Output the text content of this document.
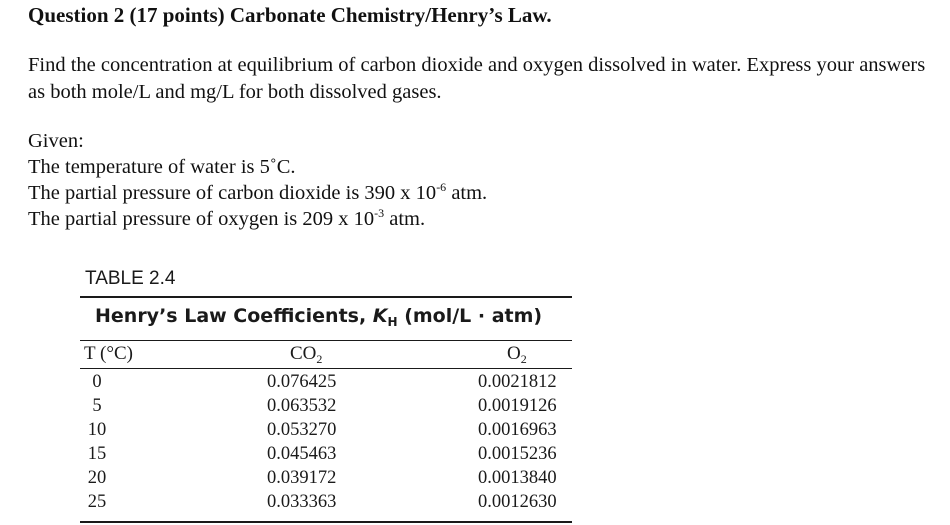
Question 2 (17 points) Carbonate Chemistry/Henry’s Law.
Find the concentration at equilibrium of carbon dioxide and oxygen dissolved in water. Express your answers as both mole/L and mg/L for both dissolved gases.
Given:
The temperature of water is 5˚C.
The partial pressure of carbon dioxide is 390 x $10^{-6}$ atm.
The partial pressure of oxygen is 209 x $10^{-3}$ atm.
TABLE 2.4
Henry’s Law Coefficients, $K_H$ (mol/L · atm)
T (°C)	$CO_2$	$O_2$
0	0.076425	0.0021812
5	0.063532	0.0019126
10	0.053270	0.0016963
15	0.045463	0.0015236
20	0.039172	0.0013840
25	0.033363	0.0012630
